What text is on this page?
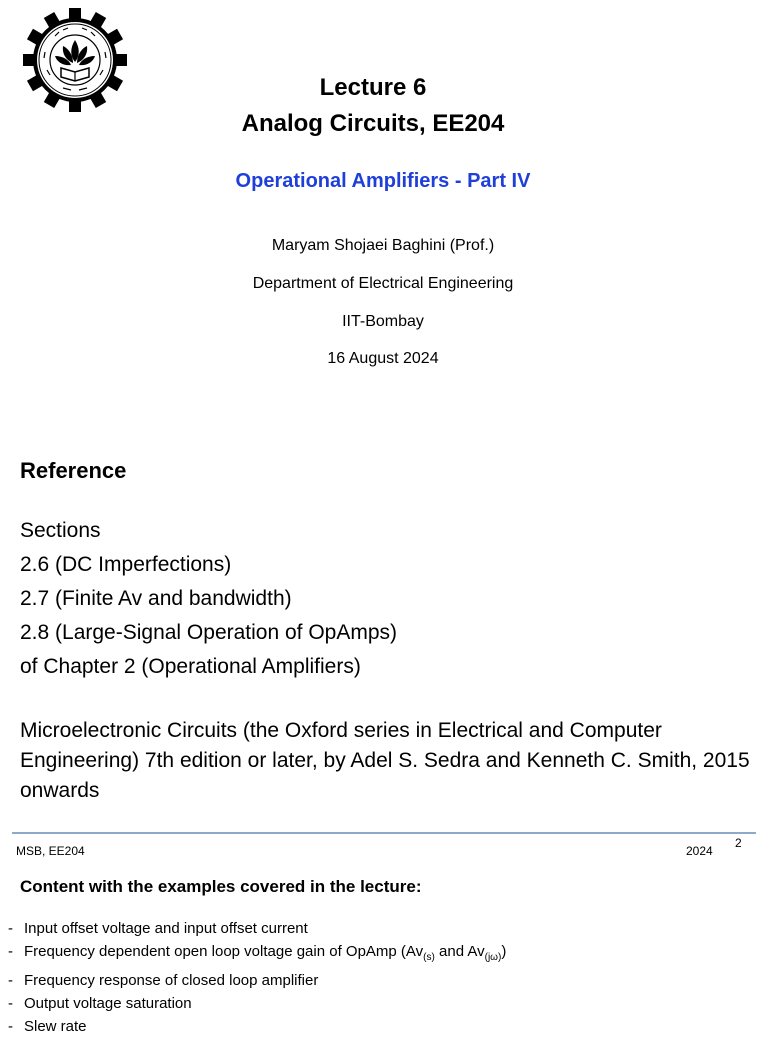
Lecture 6
Analog Circuits, EE204
Operational Amplifiers - Part IV
Maryam Shojaei Baghini (Prof.)
Department of Electrical Engineering
IIT-Bombay
16 August 2024
Reference
Sections
2.6 (DC Imperfections)
2.7 (Finite Av and bandwidth)
2.8 (Large-Signal Operation of OpAmps)
of Chapter 2 (Operational Amplifiers)
Microelectronic Circuits (the Oxford series in Electrical and Computer Engineering) 7th edition or later, by Adel S. Sedra and Kenneth C. Smith, 2015 onwards
MSB, EE204	2024
2
Content with the examples covered in the lecture:
- Input offset voltage and input offset current
- Frequency dependent open loop voltage gain of OpAmp ($Av_{(s)}$ and $Av_{(j\omega)}$)
- Frequency response of closed loop amplifier
- Output voltage saturation
- Slew rate
